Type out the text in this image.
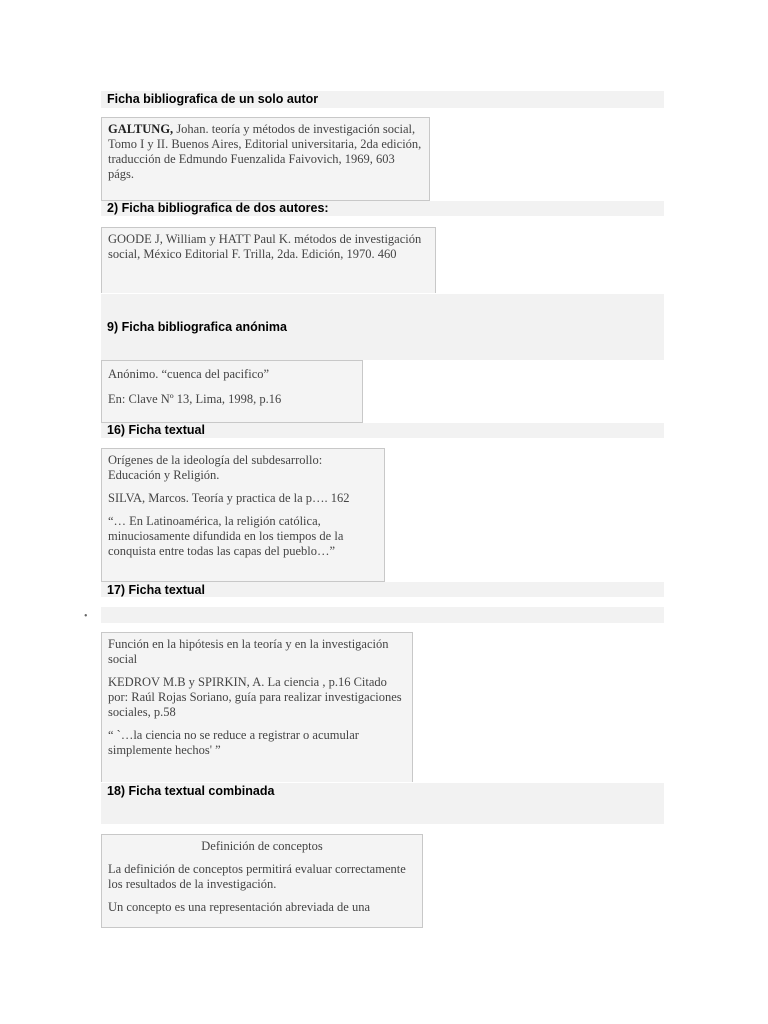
Ficha bibliografica de un solo autor

GALTUNG, Johan. teoría y métodos de investigación social, Tomo I y II. Buenos Aires, Editorial universitaria, 2da edición, traducción de Edmundo Fuenzalida Faivovich, 1969, 603 págs.

2) Ficha bibliografica de dos autores:

GOODE J, William y HATT Paul K. métodos de investigación social, México Editorial F. Trilla, 2da. Edición, 1970. 460

9) Ficha bibliografica anónima

Anónimo. “cuenca del pacifico”

En: Clave Nº 13, Lima, 1998, p.16

16) Ficha textual

Orígenes de la ideología del subdesarrollo: Educación y Religión.

SILVA, Marcos. Teoría y practica de la p…. 162

“… En Latinoamérica, la religión católica, minuciosamente difundida en los tiempos de la conquista entre todas las capas del pueblo…”

17) Ficha textual
•

Función en la hipótesis en la teoría y en la investigación social

KEDROV M.B y SPIRKIN, A. La ciencia , p.16 Citado por: Raúl Rojas Soriano, guía para realizar investigaciones sociales, p.58

“ `…la ciencia no se reduce a registrar o acumular simplemente hechos' ”

18) Ficha textual combinada

Definición de conceptos

La definición de conceptos permitirá evaluar correctamente los resultados de la investigación.

Un concepto es una representación abreviada de una
